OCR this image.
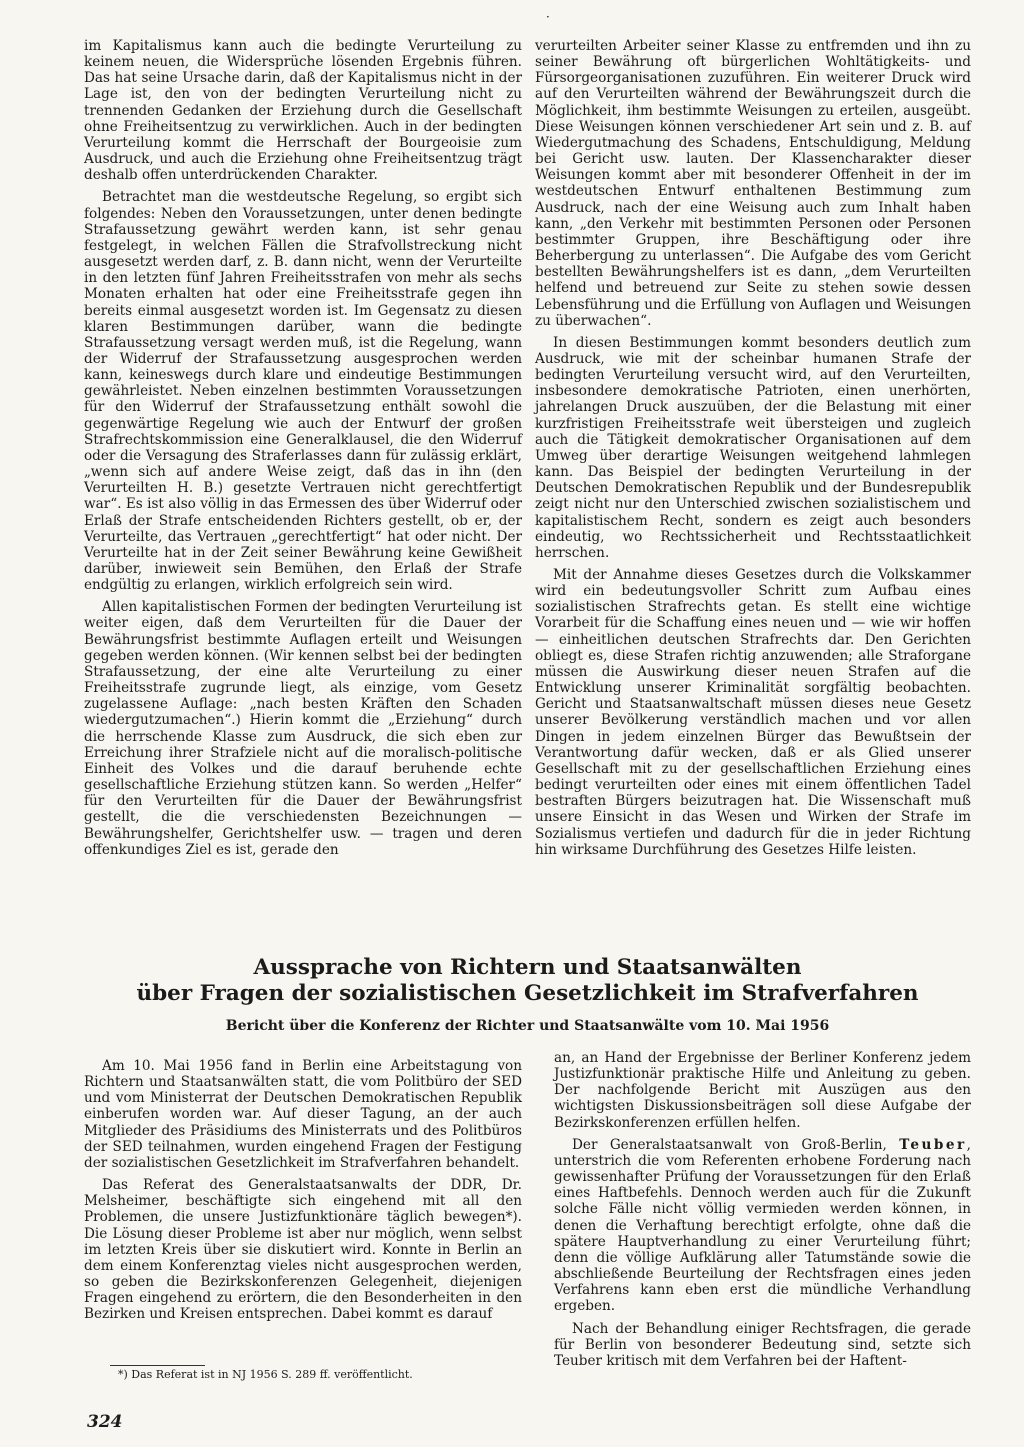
·

im Kapitalismus kann auch die bedingte Verurteilung zu keinem neuen, die Widersprüche lösenden Ergebnis führen. Das hat seine Ursache darin, daß der Kapitalismus nicht in der Lage ist, den von der bedingten Verurteilung nicht zu trennenden Gedanken der Erziehung durch die Gesellschaft ohne Freiheitsentzug zu verwirklichen. Auch in der bedingten Verurteilung kommt die Herrschaft der Bourgeoisie zum Ausdruck, und auch die Erziehung ohne Freiheitsentzug trägt deshalb offen unterdrückenden Charakter.

Betrachtet man die westdeutsche Regelung, so ergibt sich folgendes: Neben den Voraussetzungen, unter denen bedingte Strafaussetzung gewährt werden kann, ist sehr genau festgelegt, in welchen Fällen die Strafvollstreckung nicht ausgesetzt werden darf, z. B. dann nicht, wenn der Verurteilte in den letzten fünf Jahren Freiheitsstrafen von mehr als sechs Monaten erhalten hat oder eine Freiheitsstrafe gegen ihn bereits einmal ausgesetzt worden ist. Im Gegensatz zu diesen klaren Bestimmungen darüber, wann die bedingte Strafaussetzung versagt werden muß, ist die Regelung, wann der Widerruf der Strafaussetzung ausgesprochen werden kann, keineswegs durch klare und eindeutige Bestimmungen gewährleistet. Neben einzelnen bestimmten Voraussetzungen für den Widerruf der Strafaussetzung enthält sowohl die gegenwärtige Regelung wie auch der Entwurf der großen Strafrechtskommission eine Generalklausel, die den Widerruf oder die Versagung des Straferlasses dann für zulässig erklärt, „wenn sich auf andere Weise zeigt, daß das in ihn (den Verurteilten H. B.) gesetzte Vertrauen nicht gerechtfertigt war“. Es ist also völlig in das Ermessen des über Widerruf oder Erlaß der Strafe entscheidenden Richters gestellt, ob er, der Verurteilte, das Vertrauen „gerechtfertigt“ hat oder nicht. Der Verurteilte hat in der Zeit seiner Bewährung keine Gewißheit darüber, inwieweit sein Bemühen, den Erlaß der Strafe endgültig zu erlangen, wirklich erfolgreich sein wird.

Allen kapitalistischen Formen der bedingten Verurteilung ist weiter eigen, daß dem Verurteilten für die Dauer der Bewährungsfrist bestimmte Auflagen erteilt und Weisungen gegeben werden können. (Wir kennen selbst bei der bedingten Strafaussetzung, der eine alte Verurteilung zu einer Freiheitsstrafe zugrunde liegt, als einzige, vom Gesetz zugelassene Auflage: „nach besten Kräften den Schaden wiedergutzumachen“.) Hierin kommt die „Erziehung“ durch die herrschende Klasse zum Ausdruck, die sich eben zur Erreichung ihrer Strafziele nicht auf die moralisch-politische Einheit des Volkes und die darauf beruhende echte gesellschaftliche Erziehung stützen kann. So werden „Helfer“ für den Verurteilten für die Dauer der Bewährungsfrist gestellt, die die verschiedensten Bezeichnungen — Bewährungshelfer, Gerichtshelfer usw. — tragen und deren offenkundiges Ziel es ist, gerade den

verurteilten Arbeiter seiner Klasse zu entfremden und ihn zu seiner Bewährung oft bürgerlichen Wohltätigkeits- und Fürsorgeorganisationen zuzuführen. Ein weiterer Druck wird auf den Verurteilten während der Bewährungszeit durch die Möglichkeit, ihm bestimmte Weisungen zu erteilen, ausgeübt. Diese Weisungen können verschiedener Art sein und z. B. auf Wiedergutmachung des Schadens, Entschuldigung, Meldung bei Gericht usw. lauten. Der Klassencharakter dieser Weisungen kommt aber mit besonderer Offenheit in der im westdeutschen Entwurf enthaltenen Bestimmung zum Ausdruck, nach der eine Weisung auch zum Inhalt haben kann, „den Verkehr mit bestimmten Personen oder Personen bestimmter Gruppen, ihre Beschäftigung oder ihre Beherbergung zu unterlassen“. Die Aufgabe des vom Gericht bestellten Bewährungshelfers ist es dann, „dem Verurteilten helfend und betreuend zur Seite zu stehen sowie dessen Lebensführung und die Erfüllung von Auflagen und Weisungen zu überwachen“.

In diesen Bestimmungen kommt besonders deutlich zum Ausdruck, wie mit der scheinbar humanen Strafe der bedingten Verurteilung versucht wird, auf den Verurteilten, insbesondere demokratische Patrioten, einen unerhörten, jahrelangen Druck auszuüben, der die Belastung mit einer kurzfristigen Freiheitsstrafe weit übersteigen und zugleich auch die Tätigkeit demokratischer Organisationen auf dem Umweg über derartige Weisungen weitgehend lahmlegen kann. Das Beispiel der bedingten Verurteilung in der Deutschen Demokratischen Republik und der Bundesrepublik zeigt nicht nur den Unterschied zwischen sozialistischem und kapitalistischem Recht, sondern es zeigt auch besonders eindeutig, wo Rechtssicherheit und Rechtsstaatlichkeit herrschen.

Mit der Annahme dieses Gesetzes durch die Volkskammer wird ein bedeutungsvoller Schritt zum Aufbau eines sozialistischen Strafrechts getan. Es stellt eine wichtige Vorarbeit für die Schaffung eines neuen und — wie wir hoffen — einheitlichen deutschen Strafrechts dar. Den Gerichten obliegt es, diese Strafen richtig anzuwenden; alle Straforgane müssen die Auswirkung dieser neuen Strafen auf die Entwicklung unserer Kriminalität sorgfältig beobachten. Gericht und Staatsanwaltschaft müssen dieses neue Gesetz unserer Bevölkerung verständlich machen und vor allen Dingen in jedem einzelnen Bürger das Bewußtsein der Verantwortung dafür wecken, daß er als Glied unserer Gesellschaft mit zu der gesellschaftlichen Erziehung eines bedingt verurteilten oder eines mit einem öffentlichen Tadel bestraften Bürgers beizutragen hat. Die Wissenschaft muß unsere Einsicht in das Wesen und Wirken der Strafe im Sozialismus vertiefen und dadurch für die in jeder Richtung hin wirksame Durchführung des Gesetzes Hilfe leisten.

Aussprache von Richtern und Staatsanwälten
über Fragen der sozialistischen Gesetzlichkeit im Strafverfahren
Bericht über die Konferenz der Richter und Staatsanwälte vom 10. Mai 1956

Am 10. Mai 1956 fand in Berlin eine Arbeitstagung von Richtern und Staatsanwälten statt, die vom Politbüro der SED und vom Ministerrat der Deutschen Demokratischen Republik einberufen worden war. Auf dieser Tagung, an der auch Mitglieder des Präsidiums des Ministerrats und des Politbüros der SED teilnahmen, wurden eingehend Fragen der Festigung der sozialistischen Gesetzlichkeit im Strafverfahren behandelt.

Das Referat des Generalstaatsanwalts der DDR, Dr. Melsheimer, beschäftigte sich eingehend mit all den Problemen, die unsere Justizfunktionäre täglich bewegen*). Die Lösung dieser Probleme ist aber nur möglich, wenn selbst im letzten Kreis über sie diskutiert wird. Konnte in Berlin an dem einem Konferenztag vieles nicht ausgesprochen werden, so geben die Bezirkskonferenzen Gelegenheit, diejenigen Fragen eingehend zu erörtern, die den Besonderheiten in den Bezirken und Kreisen entsprechen. Dabei kommt es darauf

an, an Hand der Ergebnisse der Berliner Konferenz jedem Justizfunktionär praktische Hilfe und Anleitung zu geben. Der nachfolgende Bericht mit Auszügen aus den wichtigsten Diskussionsbeiträgen soll diese Aufgabe der Bezirkskonferenzen erfüllen helfen.

Der Generalstaatsanwalt von Groß-Berlin, Teuber, unterstrich die vom Referenten erhobene Forderung nach gewissenhafter Prüfung der Voraussetzungen für den Erlaß eines Haftbefehls. Dennoch werden auch für die Zukunft solche Fälle nicht völlig vermieden werden können, in denen die Verhaftung berechtigt erfolgte, ohne daß die spätere Hauptverhandlung zu einer Verurteilung führt; denn die völlige Aufklärung aller Tatumstände sowie die abschließende Beurteilung der Rechtsfragen eines jeden Verfahrens kann eben erst die mündliche Verhandlung ergeben.

Nach der Behandlung einiger Rechtsfragen, die gerade für Berlin von besonderer Bedeutung sind, setzte sich Teuber kritisch mit dem Verfahren bei der Haftent-

*) Das Referat ist in NJ 1956 S. 289 ff. veröffentlicht.
324
